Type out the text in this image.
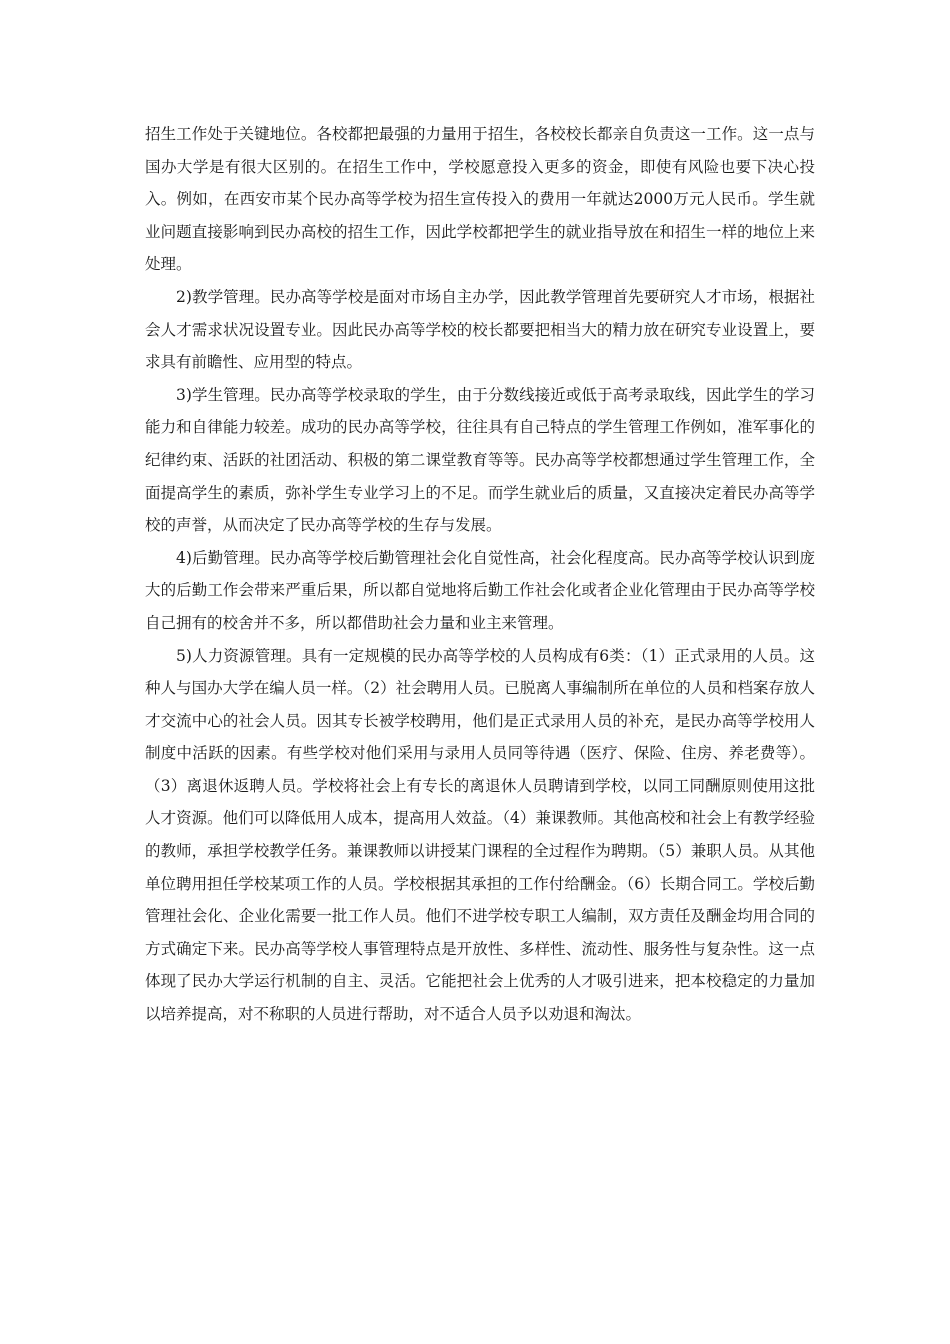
招生工作处于关键地位。各校都把最强的力量用于招生，各校校长都亲自负责这一工作。这一点与国办大学是有很大区别的。在招生工作中，学校愿意投入更多的资金，即使有风险也要下决心投入。例如，在西安市某个民办高等学校为招生宣传投入的费用一年就达2000万元人民币。学生就业问题直接影响到民办高校的招生工作，因此学校都把学生的就业指导放在和招生一样的地位上来处理。

2)教学管理。民办高等学校是面对市场自主办学，因此教学管理首先要研究人才市场，根据社会人才需求状况设置专业。因此民办高等学校的校长都要把相当大的精力放在研究专业设置上，要求具有前瞻性、应用型的特点。

3)学生管理。民办高等学校录取的学生，由于分数线接近或低于高考录取线，因此学生的学习能力和自律能力较差。成功的民办高等学校，往往具有自己特点的学生管理工作例如，准军事化的纪律约束、活跃的社团活动、积极的第二课堂教育等等。民办高等学校都想通过学生管理工作，全面提高学生的素质，弥补学生专业学习上的不足。而学生就业后的质量，又直接决定着民办高等学校的声誉，从而决定了民办高等学校的生存与发展。

4)后勤管理。民办高等学校后勤管理社会化自觉性高，社会化程度高。民办高等学校认识到庞大的后勤工作会带来严重后果，所以都自觉地将后勤工作社会化或者企业化管理由于民办高等学校自己拥有的校舍并不多，所以都借助社会力量和业主来管理。

5)人力资源管理。具有一定规模的民办高等学校的人员构成有6类：（1）正式录用的人员。这种人与国办大学在编人员一样。（2）社会聘用人员。已脱离人事编制所在单位的人员和档案存放人才交流中心的社会人员。因其专长被学校聘用，他们是正式录用人员的补充，是民办高等学校用人制度中活跃的因素。有些学校对他们采用与录用人员同等待遇（医疗、保险、住房、养老费等）。（3）离退休返聘人员。学校将社会上有专长的离退休人员聘请到学校，以同工同酬原则使用这批人才资源。他们可以降低用人成本，提高用人效益。（4）兼课教师。其他高校和社会上有教学经验的教师，承担学校教学任务。兼课教师以讲授某门课程的全过程作为聘期。（5）兼职人员。从其他单位聘用担任学校某项工作的人员。学校根据其承担的工作付给酬金。（6）长期合同工。学校后勤管理社会化、企业化需要一批工作人员。他们不进学校专职工人编制，双方责任及酬金均用合同的方式确定下来。民办高等学校人事管理特点是开放性、多样性、流动性、服务性与复杂性。这一点体现了民办大学运行机制的自主、灵活。它能把社会上优秀的人才吸引进来，把本校稳定的力量加以培养提高，对不称职的人员进行帮助，对不适合人员予以劝退和淘汰。
